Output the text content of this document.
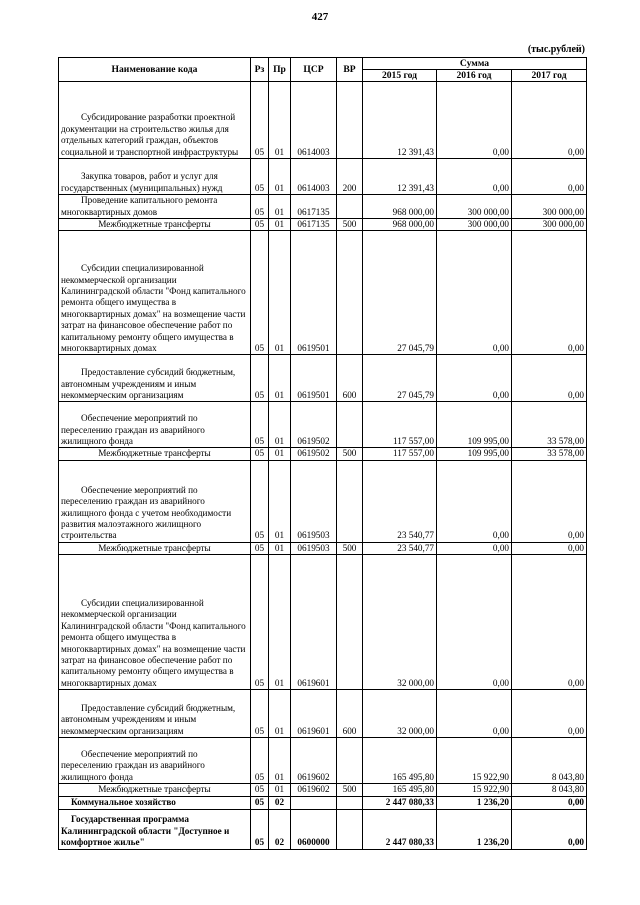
427
(тыс.рублей)
Наименование кода	Рз	Пр	ЦСР	ВР	Сумма		
					2015 год	2016 год	2017 год
Субсидирование разработки проектной документации на строительство жилья для отдельных категорий граждан, объектов социальной и транспортной инфраструктуры	05	01	0614003		12 391,43	0,00	0,00
Закупка товаров, работ и услуг для государственных (муниципальных) нужд	05	01	0614003	200	12 391,43	0,00	0,00
Проведение капитального ремонта многоквартирных домов	05	01	0617135		968 000,00	300 000,00	300 000,00
Межбюджетные трансферты	05	01	0617135	500	968 000,00	300 000,00	300 000,00
Субсидии специализированной некоммерческой организации Калининградской области "Фонд капитального ремонта общего имущества в многоквартирных домах" на возмещение части затрат на финансовое обеспечение работ по капитальному ремонту общего имущества в многоквартирных домах	05	01	0619501		27 045,79	0,00	0,00
Предоставление субсидий бюджетным, автономным учреждениям и иным некоммерческим организациям	05	01	0619501	600	27 045,79	0,00	0,00
Обеспечение мероприятий по переселению граждан из аварийного жилищного фонда	05	01	0619502		117 557,00	109 995,00	33 578,00
Межбюджетные трансферты	05	01	0619502	500	117 557,00	109 995,00	33 578,00
Обеспечение мероприятий по переселению граждан из аварийного жилищного фонда с учетом необходимости развития малоэтажного жилищного строительства	05	01	0619503		23 540,77	0,00	0,00
Межбюджетные трансферты	05	01	0619503	500	23 540,77	0,00	0,00
Субсидии специализированной некоммерческой организации Калининградской области "Фонд капитального ремонта общего имущества в многоквартирных домах" на возмещение части затрат на финансовое обеспечение работ по капитальному ремонту общего имущества в многоквартирных домах	05	01	0619601		32 000,00	0,00	0,00
Предоставление субсидий бюджетным, автономным учреждениям и иным некоммерческим организациям	05	01	0619601	600	32 000,00	0,00	0,00
Обеспечение мероприятий по переселению граждан из аварийного жилищного фонда	05	01	0619602		165 495,80	15 922,90	8 043,80
Межбюджетные трансферты	05	01	0619602	500	165 495,80	15 922,90	8 043,80
Коммунальное хозяйство	05	02			2 447 080,33	1 236,20	0,00
Государственная программа Калининградской области "Доступное и комфортное жилье"	05	02	0600000		2 447 080,33	1 236,20	0,00
